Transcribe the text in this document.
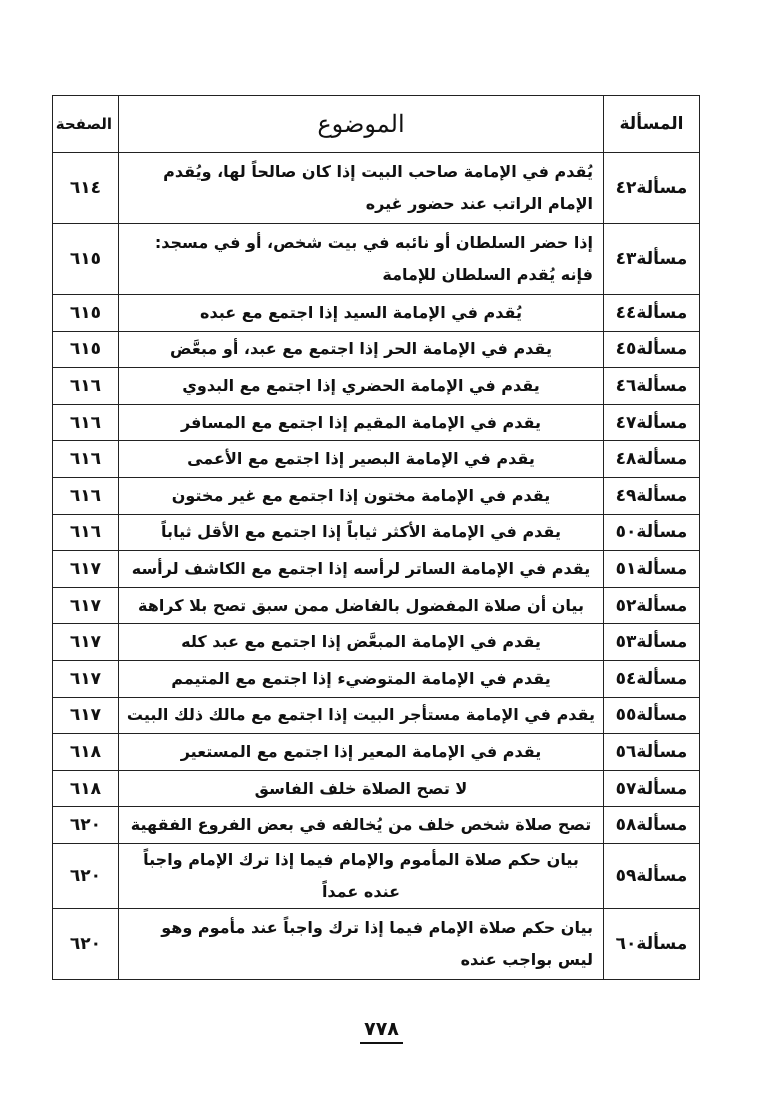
المسألة	الموضوع	الصفحة
مسألة٤٢	يُقدم في الإمامة صاحب البيت إذا كان صالحاً لها، ويُقدم الإمام الراتب عند حضور غيره	٦١٤
مسألة٤٣	إذا حضر السلطان أو نائبه في بيت شخص، أو في مسجد: فإنه يُقدم السلطان للإمامة	٦١٥
مسألة٤٤	يُقدم في الإمامة السيد إذا اجتمع مع عبده	٦١٥
مسألة٤٥	يقدم في الإمامة الحر إذا اجتمع مع عبد، أو مبعَّض	٦١٥
مسألة٤٦	يقدم في الإمامة الحضري إذا اجتمع مع البدوي	٦١٦
مسألة٤٧	يقدم في الإمامة المقيم إذا اجتمع مع المسافر	٦١٦
مسألة٤٨	يقدم في الإمامة البصير إذا اجتمع مع الأعمى	٦١٦
مسألة٤٩	يقدم في الإمامة مختون إذا اجتمع مع غير مختون	٦١٦
مسألة٥٠	يقدم في الإمامة الأكثر ثياباً إذا اجتمع مع الأقل ثياباً	٦١٦
مسألة٥١	يقدم في الإمامة الساتر لرأسه إذا اجتمع مع الكاشف لرأسه	٦١٧
مسألة٥٢	بيان أن صلاة المفضول بالفاضل ممن سبق تصح بلا كراهة	٦١٧
مسألة٥٣	يقدم في الإمامة المبعَّض إذا اجتمع مع عبد كله	٦١٧
مسألة٥٤	يقدم في الإمامة المتوضيء إذا اجتمع مع المتيمم	٦١٧
مسألة٥٥	يقدم في الإمامة مستأجر البيت إذا اجتمع مع مالك ذلك البيت	٦١٧
مسألة٥٦	يقدم في الإمامة المعير إذا اجتمع مع المستعير	٦١٨
مسألة٥٧	لا تصح الصلاة خلف الفاسق	٦١٨
مسألة٥٨	تصح صلاة شخص خلف من يُخالفه في بعض الفروع الفقهية	٦٢٠
مسألة٥٩	بيان حكم صلاة المأموم والإمام فيما إذا ترك الإمام واجباً عنده عمداً	٦٢٠
مسألة٦٠	بيان حكم صلاة الإمام فيما إذا ترك واجباً عند مأموم وهو ليس بواجب عنده	٦٢٠
٧٧٨
